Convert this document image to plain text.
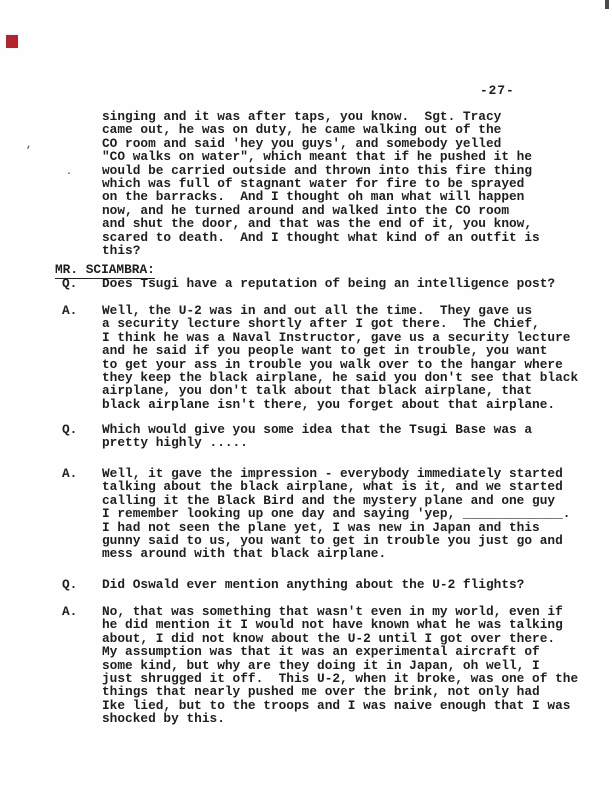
,
.
-27-
singing and it was after taps, you know.  Sgt. Tracy
came out, he was on duty, he came walking out of the
CO room and said 'hey you guys', and somebody yelled
"CO walks on water", which meant that if he pushed it he
would be carried outside and thrown into this fire thing
which was full of stagnant water for fire to be sprayed
on the barracks.  And I thought oh man what will happen
now, and he turned around and walked into the CO room
and shut the door, and that was the end of it, you know,
scared to death.  And I thought what kind of an outfit is
this?
MR. SCIAMBRA:
Q.	Does Tsugi have a reputation of being an intelligence post?
A.	Well, the U-2 was in and out all the time.  They gave us
a security lecture shortly after I got there.  The Chief,
I think he was a Naval Instructor, gave us a security lecture
and he said if you people want to get in trouble, you want
to get your ass in trouble you walk over to the hangar where
they keep the black airplane, he said you don't see that black
airplane, you don't talk about that black airplane, that
black airplane isn't there, you forget about that airplane.
Q.	Which would give you some idea that the Tsugi Base was a
pretty highly .....
A.	Well, it gave the impression - everybody immediately started
talking about the black airplane, what is it, and we started
calling it the Black Bird and the mystery plane and one guy
I remember looking up one day and saying 'yep, _____________.
I had not seen the plane yet, I was new in Japan and this
gunny said to us, you want to get in trouble you just go and
mess around with that black airplane.
Q.	Did Oswald ever mention anything about the U-2 flights?
A.	No, that was something that wasn't even in my world, even if
he did mention it I would not have known what he was talking
about, I did not know about the U-2 until I got over there.
My assumption was that it was an experimental aircraft of
some kind, but why are they doing it in Japan, oh well, I
just shrugged it off.  This U-2, when it broke, was one of the
things that nearly pushed me over the brink, not only had
Ike lied, but to the troops and I was naive enough that I was
shocked by this.
